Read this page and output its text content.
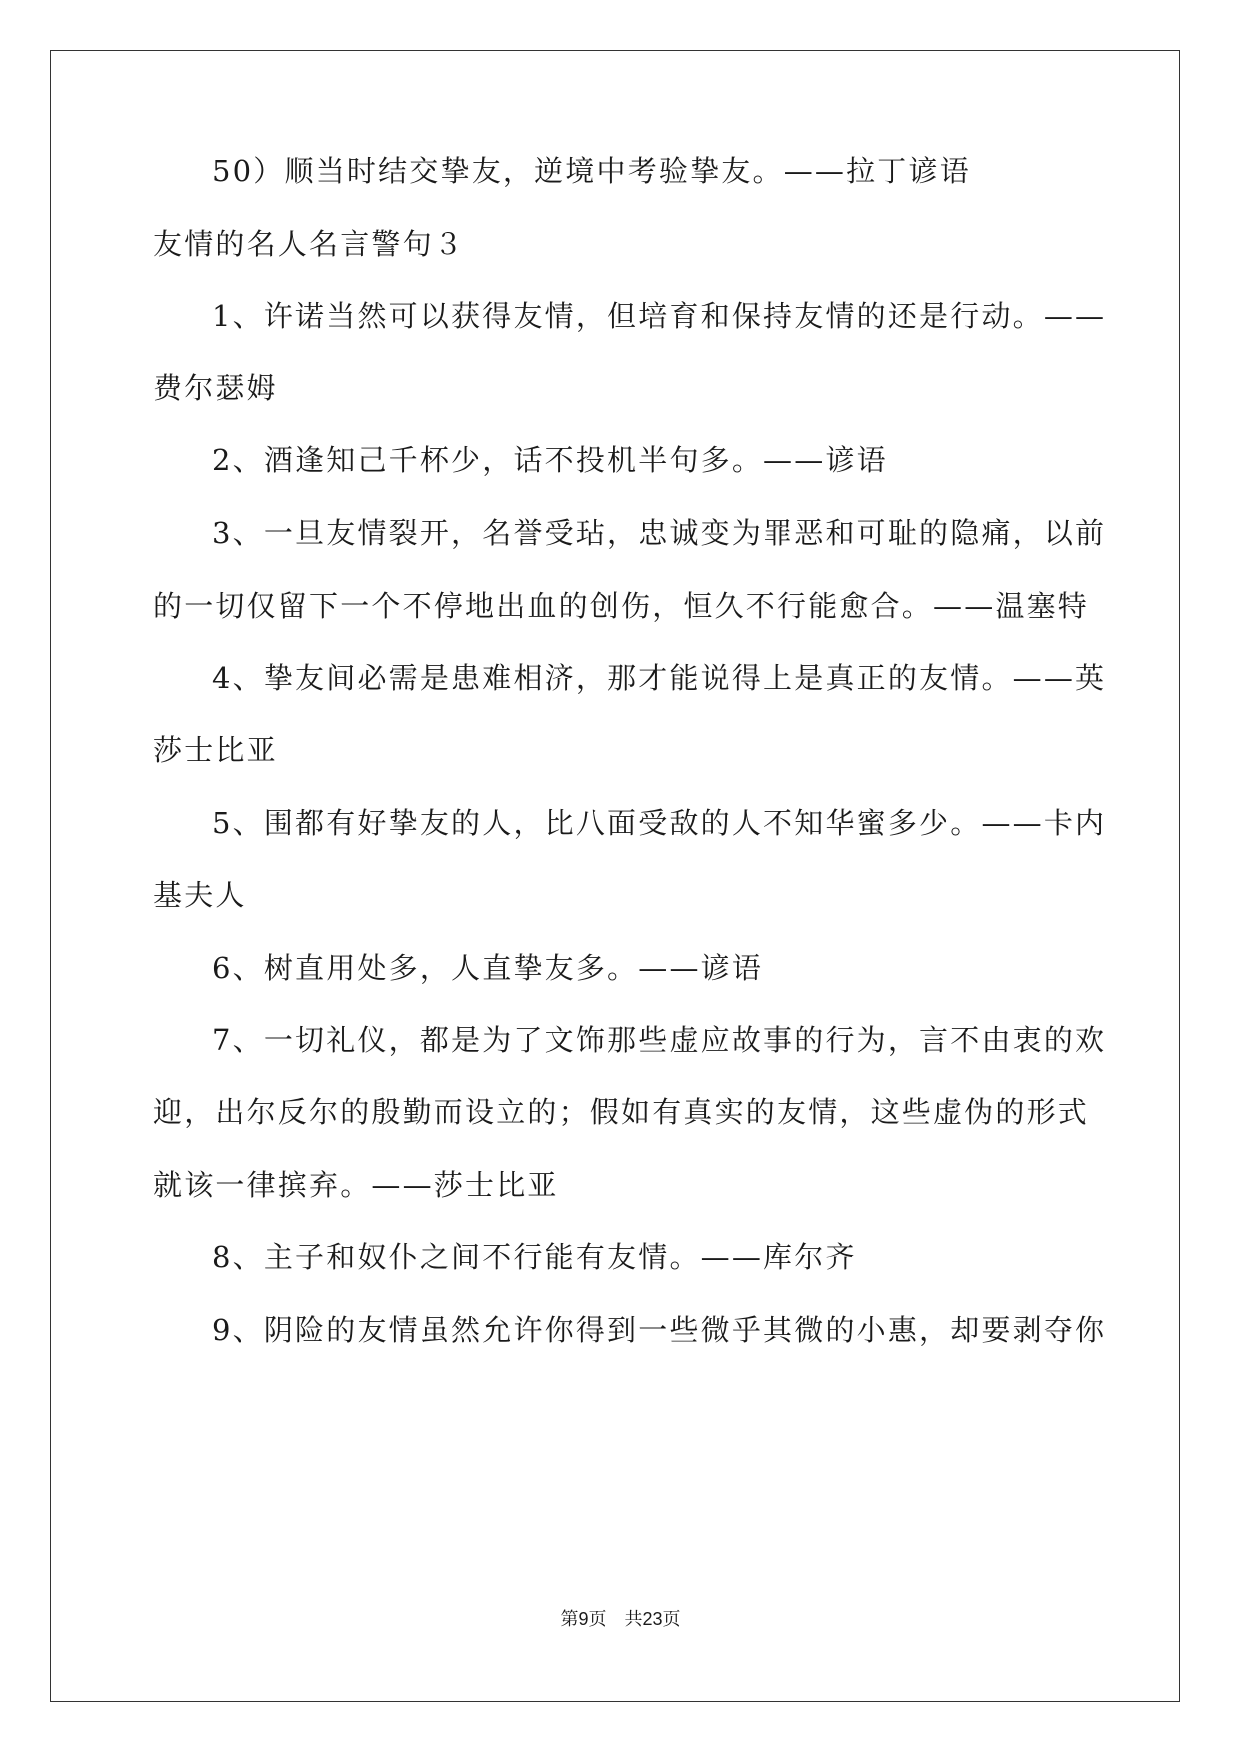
50）顺当时结交挚友，逆境中考验挚友。——拉丁谚语
友情的名人名言警句３
1、许诺当然可以获得友情，但培育和保持友情的还是行动。——
费尔瑟姆
2、酒逢知己千杯少，话不投机半句多。——谚语
3、一旦友情裂开，名誉受玷，忠诚变为罪恶和可耻的隐痛，以前
的一切仅留下一个不停地出血的创伤，恒久不行能愈合。——温塞特
4、挚友间必需是患难相济，那才能说得上是真正的友情。——英
莎士比亚
5、围都有好挚友的人，比八面受敌的人不知华蜜多少。——卡内
基夫人
6、树直用处多，人直挚友多。——谚语
7、一切礼仪，都是为了文饰那些虚应故事的行为，言不由衷的欢
迎，出尔反尔的殷勤而设立的；假如有真实的友情，这些虚伪的形式
就该一律摈弃。——莎士比亚
8、主子和奴仆之间不行能有友情。——库尔齐
9、阴险的友情虽然允许你得到一些微乎其微的小惠，却要剥夺你
第9页 共23页
